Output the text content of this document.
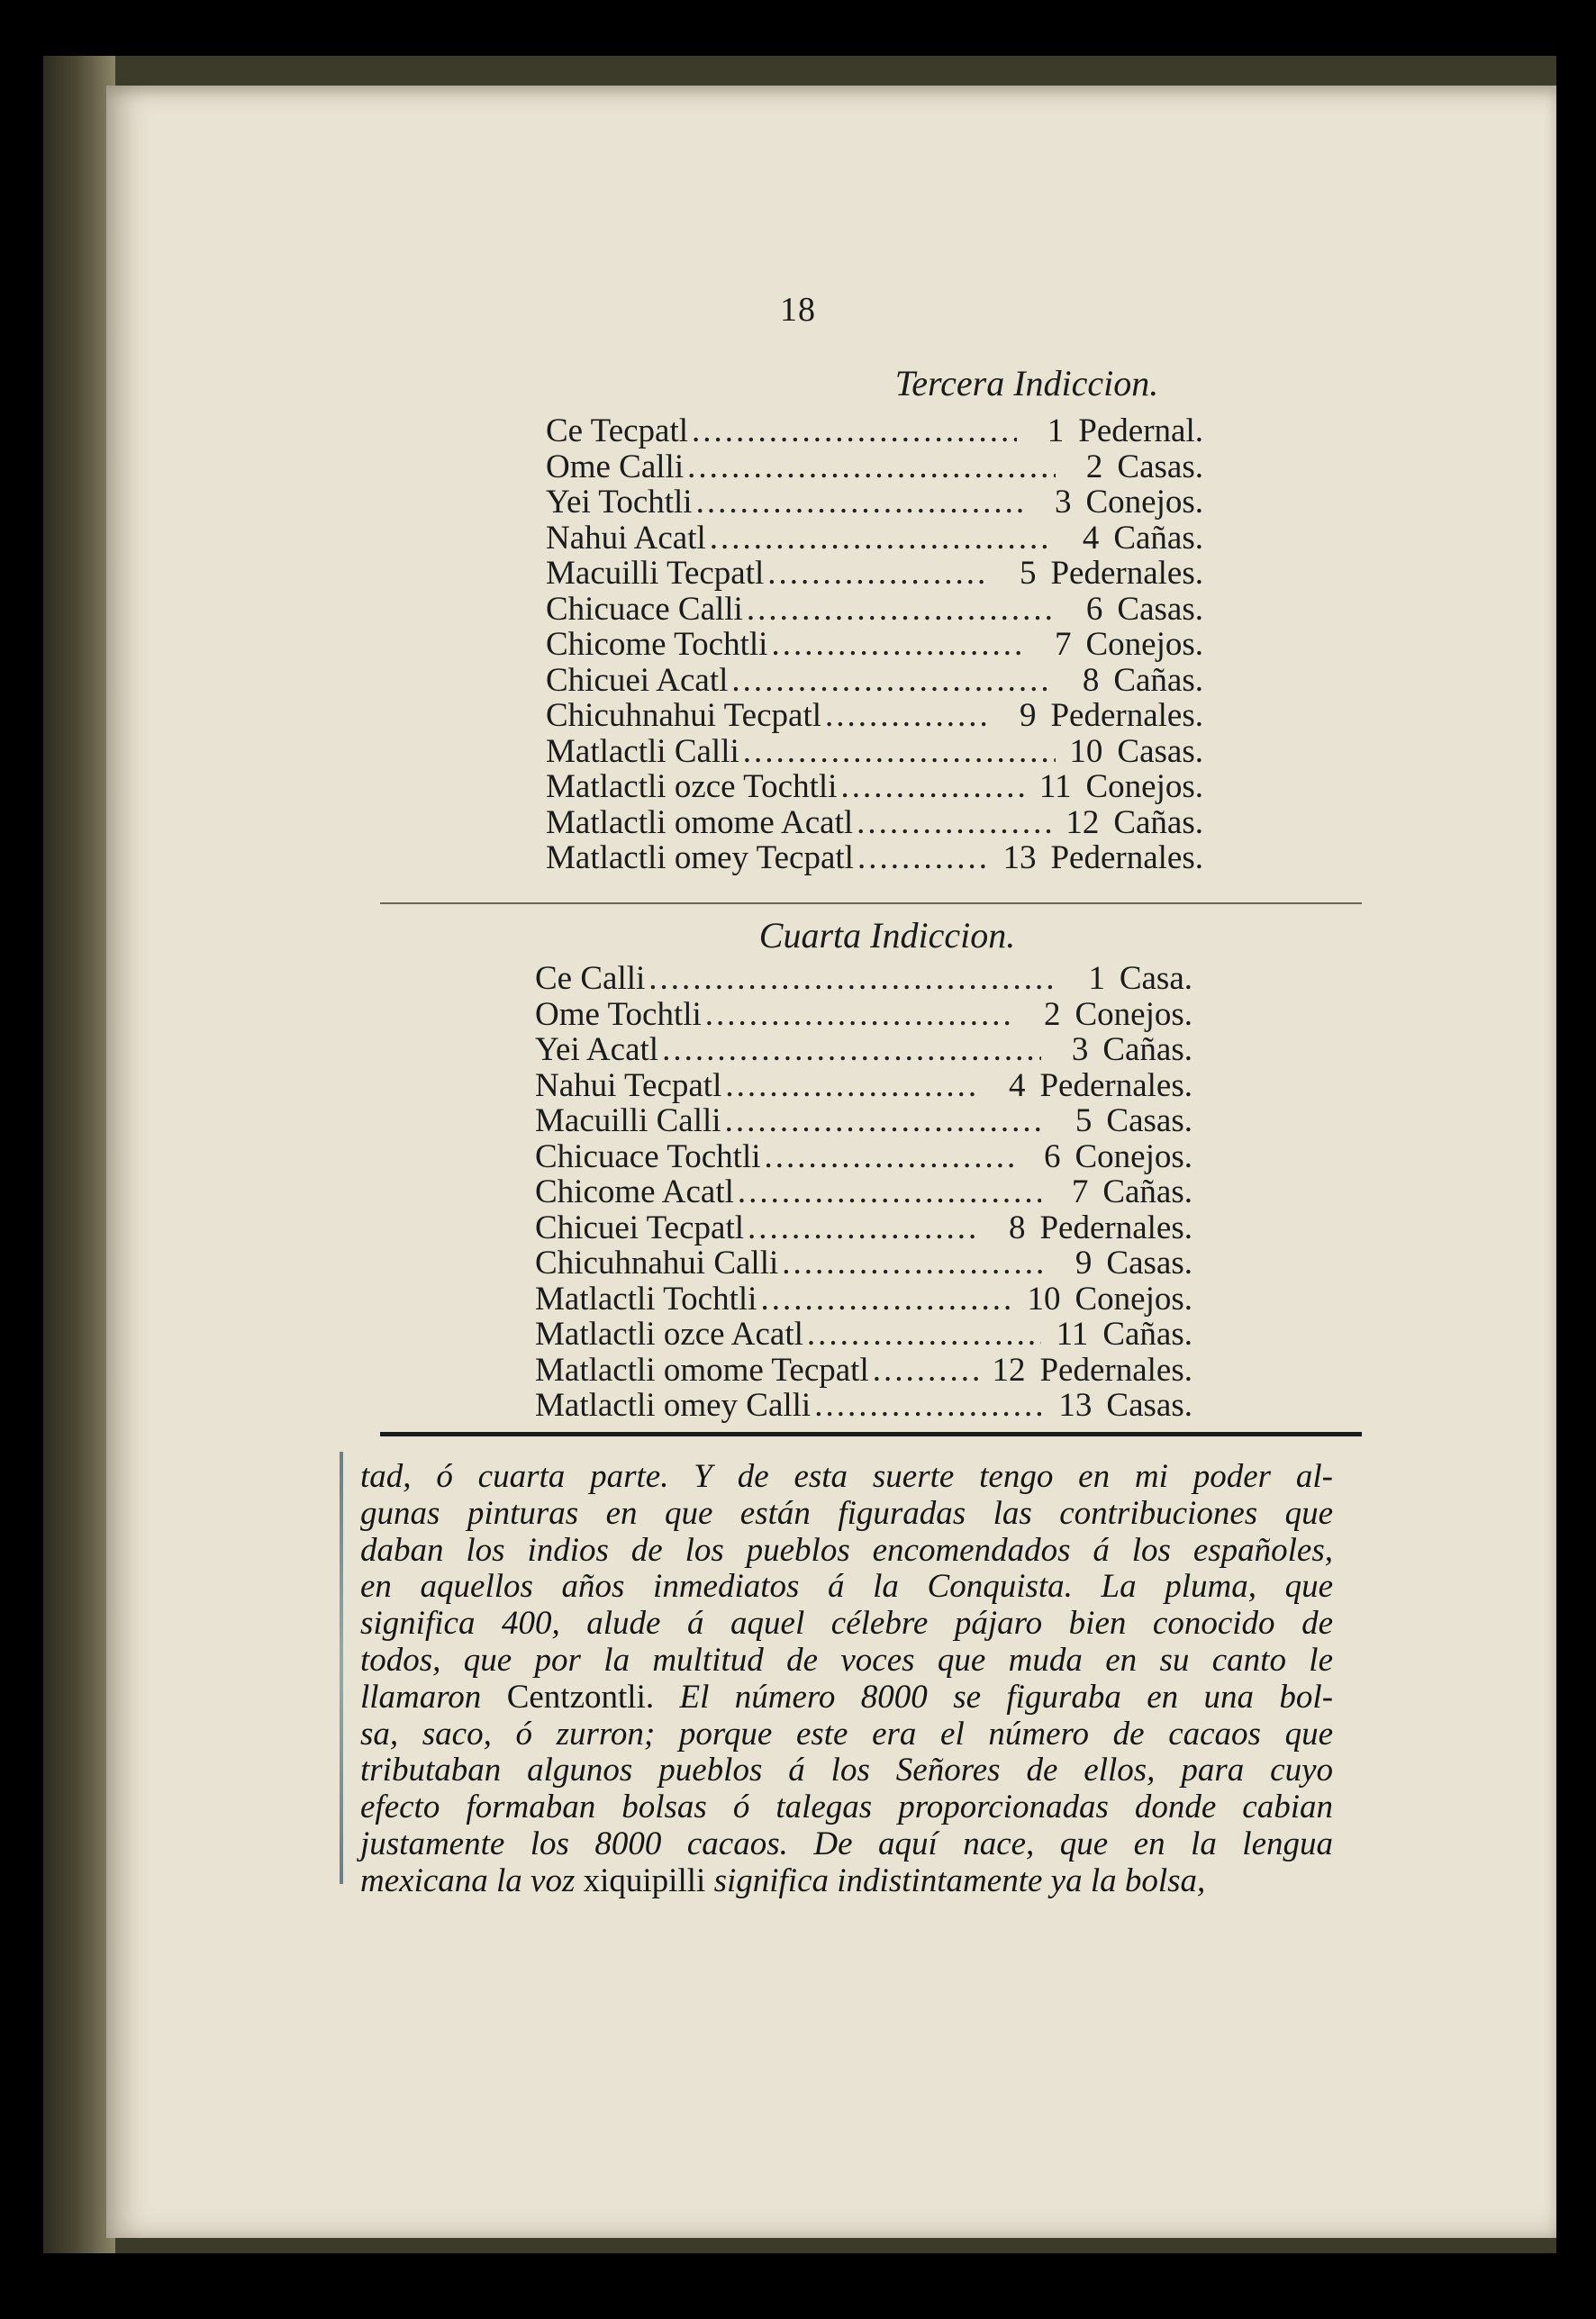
18
Tercera Indiccion.
Ce Tecpatl .....	1 Pedernal.
Ome Calli .....	2 Casas.
Yei Tochtli .....	3 Conejos.
Nahui Acatl .....	4 Cañas.
Macuilli Tecpatl .....	5 Pedernales.
Chicuace Calli .....	6 Casas.
Chicome Tochtli .....	7 Conejos.
Chicuei Acatl .....	8 Cañas.
Chicuhnahui Tecpatl .....	9 Pedernales.
Matlactli Calli .....	10 Casas.
Matlactli ozce Tochtli .....	11 Conejos.
Matlactli omome Acatl .....	12 Cañas.
Matlactli omey Tecpatl .....	13 Pedernales.
Cuarta Indiccion.
Ce Calli .....	1 Casa.
Ome Tochtli .....	2 Conejos.
Yei Acatl .....	3 Cañas.
Nahui Tecpatl .....	4 Pedernales.
Macuilli Calli .....	5 Casas.
Chicuace Tochtli .....	6 Conejos.
Chicome Acatl .....	7 Cañas.
Chicuei Tecpatl .....	8 Pedernales.
Chicuhnahui Calli .....	9 Casas.
Matlactli Tochtli .....	10 Conejos.
Matlactli ozce Acatl .....	11 Cañas.
Matlactli omome Tecpatl .....	12 Pedernales.
Matlactli omey Calli .....	13 Casas.
tad, ó cuarta parte. Y de esta suerte tengo en mi poder al-
gunas pinturas en que están figuradas las contribuciones que
daban los indios de los pueblos encomendados á los españoles,
en aquellos años inmediatos á la Conquista. La pluma, que
significa 400, alude á aquel célebre pájaro bien conocido de
todos, que por la multitud de voces que muda en su canto le
llamaron Centzontli. El número 8000 se figuraba en una bol-
sa, saco, ó zurron; porque este era el número de cacaos que
tributaban algunos pueblos á los Señores de ellos, para cuyo
efecto formaban bolsas ó talegas proporcionadas donde cabian
justamente los 8000 cacaos. De aquí nace, que en la lengua
mexicana la voz xiquipilli significa indistintamente ya la bolsa,
